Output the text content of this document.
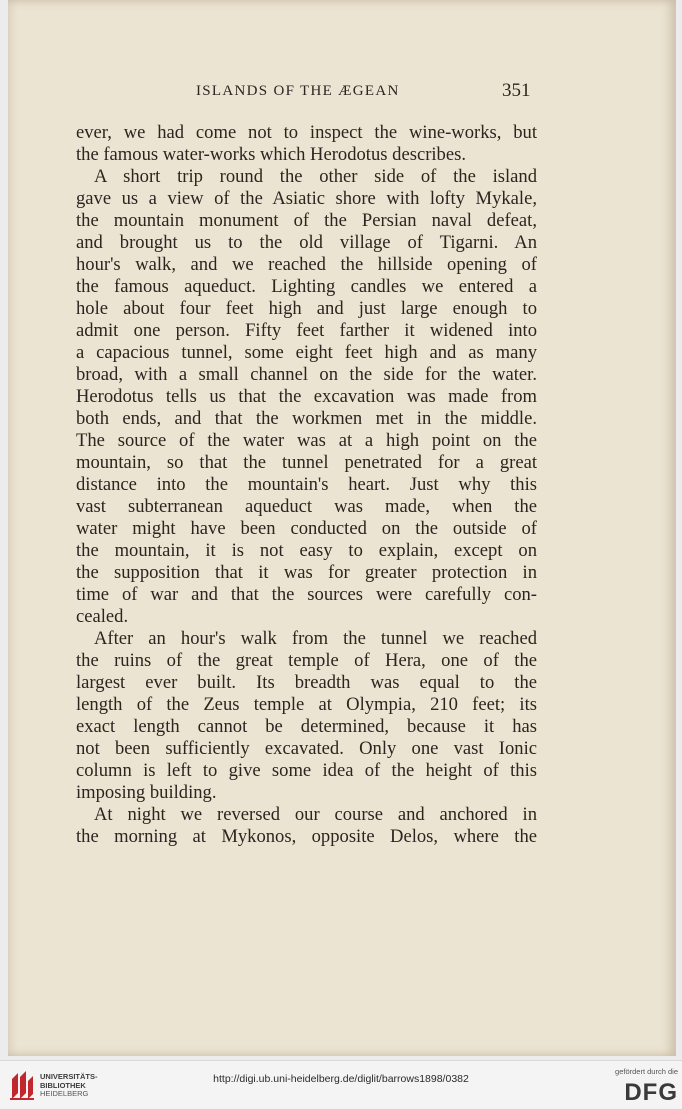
ISLANDS OF THE ÆGEAN	351
ever, we had come not to inspect the wine-works, but
the famous water-works which Herodotus describes.
A short trip round the other side of the island
gave us a view of the Asiatic shore with lofty Mykale,
the mountain monument of the Persian naval defeat,
and brought us to the old village of Tigarni. An
hour's walk, and we reached the hillside opening of
the famous aqueduct. Lighting candles we entered a
hole about four feet high and just large enough to
admit one person. Fifty feet farther it widened into
a capacious tunnel, some eight feet high and as many
broad, with a small channel on the side for the water.
Herodotus tells us that the excavation was made from
both ends, and that the workmen met in the middle.
The source of the water was at a high point on the
mountain, so that the tunnel penetrated for a great
distance into the mountain's heart. Just why this
vast subterranean aqueduct was made, when the
water might have been conducted on the outside of
the mountain, it is not easy to explain, except on
the supposition that it was for greater protection in
time of war and that the sources were carefully con-
cealed.
After an hour's walk from the tunnel we reached
the ruins of the great temple of Hera, one of the
largest ever built. Its breadth was equal to the
length of the Zeus temple at Olympia, 210 feet; its
exact length cannot be determined, because it has
not been sufficiently excavated. Only one vast Ionic
column is left to give some idea of the height of this
imposing building.
At night we reversed our course and anchored in
the morning at Mykonos, opposite Delos, where the
UNIVERSITÄTS-
BIBLIOTHEK
HEIDELBERG
http://digi.ub.uni-heidelberg.de/diglit/barrows1898/0382
gefördert durch die
DFG
